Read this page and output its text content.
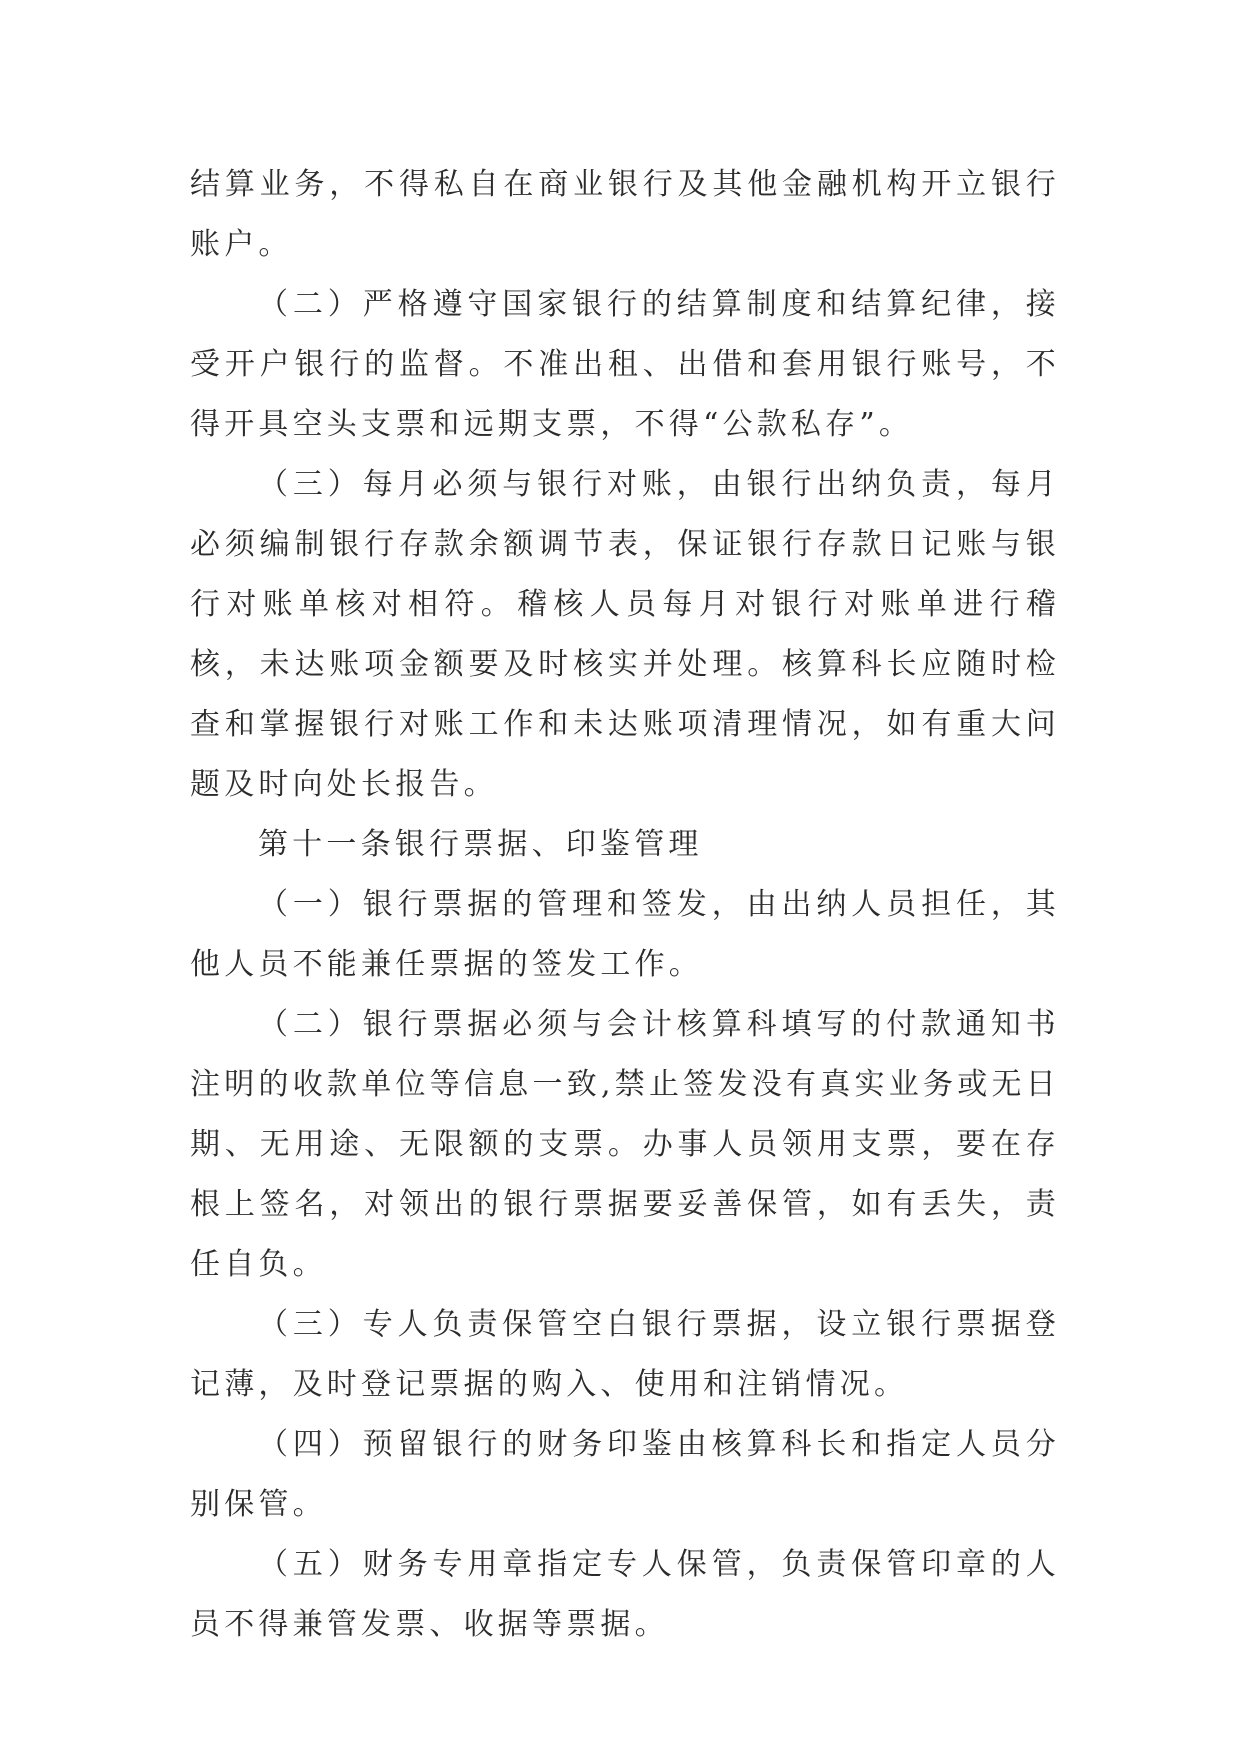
结算业务，不得私自在商业银行及其他金融机构开立银行账户。

（二）严格遵守国家银行的结算制度和结算纪律，接受开户银行的监督。不准出租、出借和套用银行账号，不得开具空头支票和远期支票，不得“公款私存”。

（三）每月必须与银行对账，由银行出纳负责，每月必须编制银行存款余额调节表，保证银行存款日记账与银行对账单核对相符。稽核人员每月对银行对账单进行稽核，未达账项金额要及时核实并处理。核算科长应随时检查和掌握银行对账工作和未达账项清理情况，如有重大问题及时向处长报告。

第十一条银行票据、印鉴管理

（一）银行票据的管理和签发，由出纳人员担任，其他人员不能兼任票据的签发工作。

（二）银行票据必须与会计核算科填写的付款通知书注明的收款单位等信息一致,禁止签发没有真实业务或无日期、无用途、无限额的支票。办事人员领用支票，要在存根上签名，对领出的银行票据要妥善保管，如有丢失，责任自负。

（三）专人负责保管空白银行票据，设立银行票据登记薄，及时登记票据的购入、使用和注销情况。

（四）预留银行的财务印鉴由核算科长和指定人员分别保管。

（五）财务专用章指定专人保管，负责保管印章的人员不得兼管发票、收据等票据。
